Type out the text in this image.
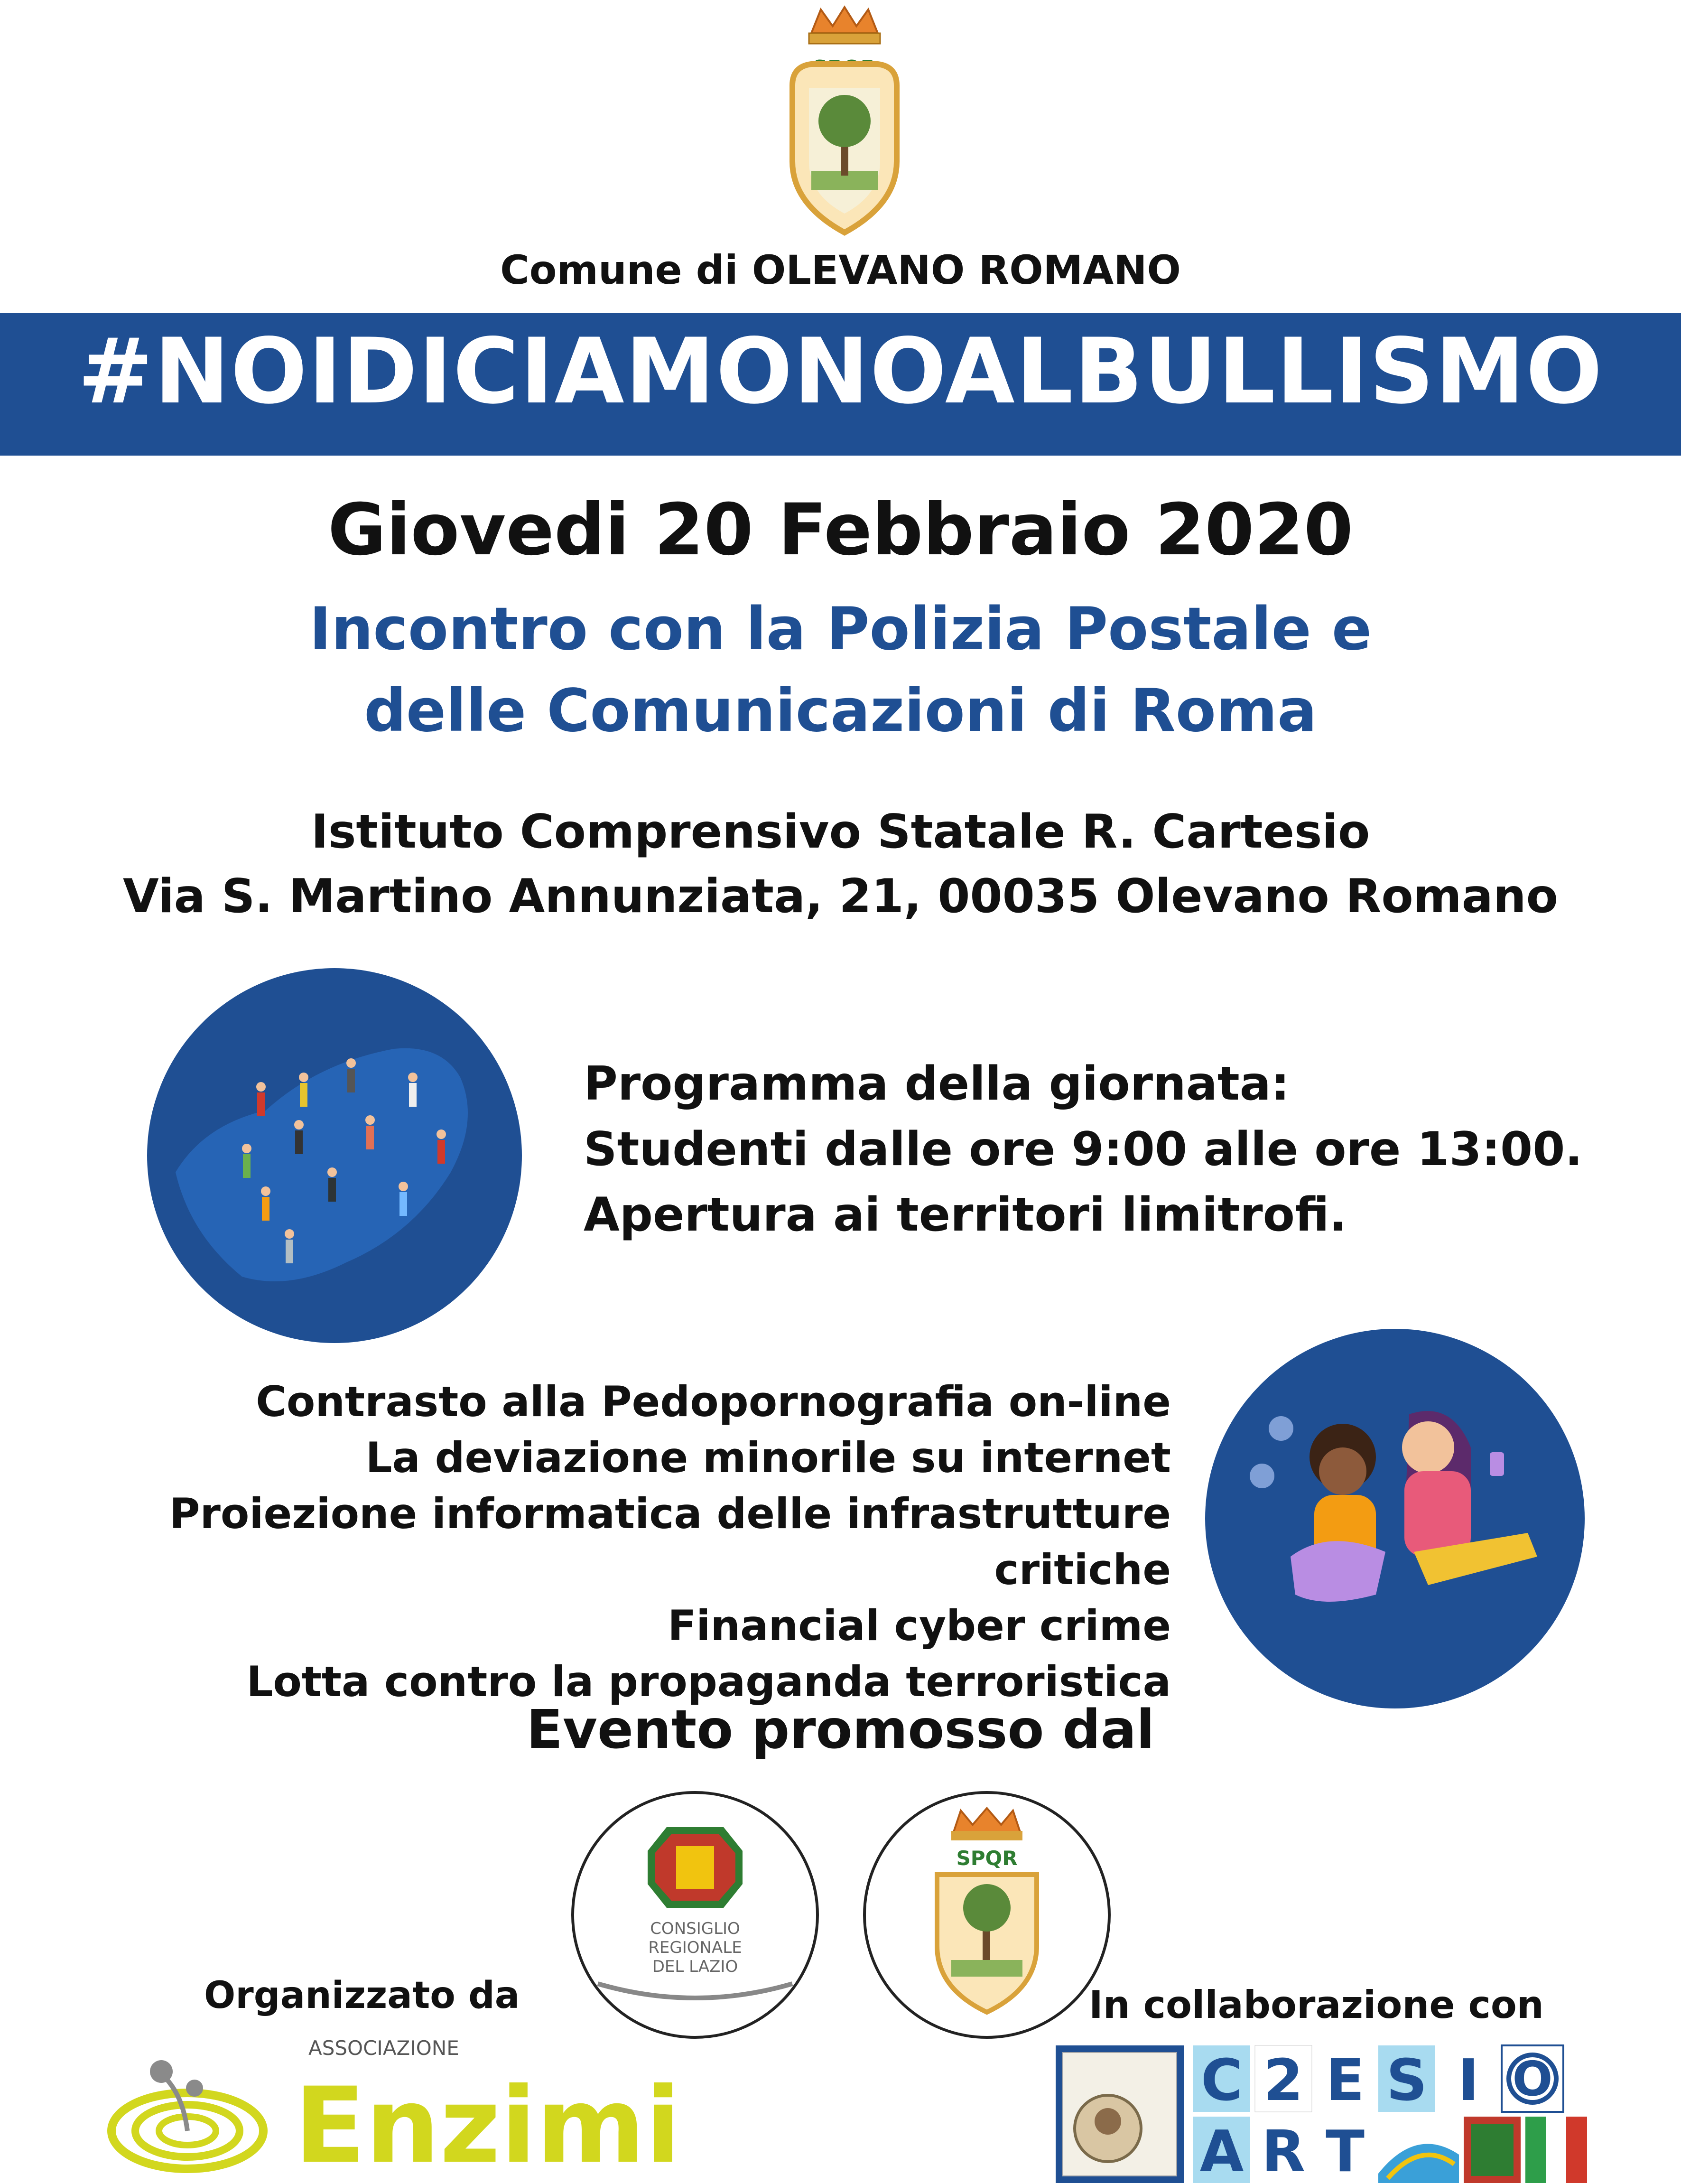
Comune di OLEVANO ROMANO
#NOIDICIAMONOALBULLISMO
Giovedi 20 Febbraio 2020
Incontro con la Polizia Postale e
delle Comunicazioni di Roma
Istituto Comprensivo Statale R. Cartesio
Via S. Martino Annunziata, 21, 00035 Olevano Romano
Programma della giornata:
Studenti dalle ore 9:00 alle ore 13:00.
Apertura ai territori limitrofi.
Contrasto alla Pedopornografia on-line
La deviazione minorile su internet
Proiezione informatica delle infrastrutture critiche
Financial cyber crime
Lotta contro la propaganda terroristica
Evento promosso dal
CONSIGLIO
REGIONALE
DEL LAZIO
SPQR
Organizzato da	In collaborazione con
ASSOCIAZIONE
Enzimi	C 2 E S I O
A R T
